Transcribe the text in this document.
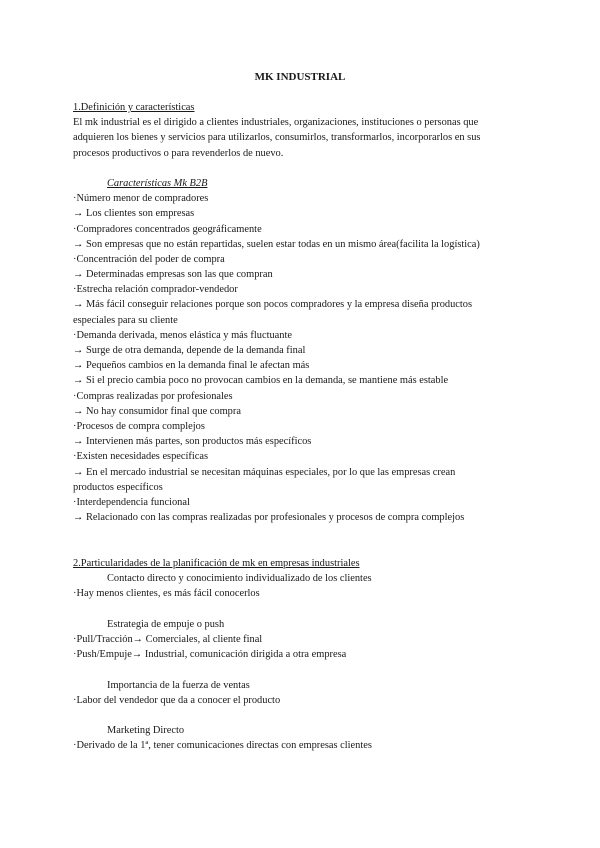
MK INDUSTRIAL
1.Definición y características
El mk industrial es el dirigido a clientes industriales, organizaciones, instituciones o personas que
adquieren los bienes y servicios para utilizarlos, consumirlos, transformarlos, incorporarlos en sus
procesos productivos o para revenderlos de nuevo.
Características Mk B2B
·Número menor de compradores
→ Los clientes son empresas
·Compradores concentrados geográficamente
→ Son empresas que no están repartidas, suelen estar todas en un mismo área(facilita la logística)
·Concentración del poder de compra
→ Determinadas empresas son las que compran
·Estrecha relación comprador-vendedor
→ Más fácil conseguir relaciones porque son pocos compradores y la empresa diseña productos
especiales para su cliente
·Demanda derivada, menos elástica y más fluctuante
→ Surge de otra demanda, depende de la demanda final
→ Pequeños cambios en la demanda final le afectan más
→ Si el precio cambia poco no provocan cambios en la demanda, se mantiene más estable
·Compras realizadas por profesionales
→ No hay consumidor final que compra
·Procesos de compra complejos
→ Intervienen más partes, son productos más específicos
·Existen necesidades específicas
→ En el mercado industrial se necesitan máquinas especiales, por lo que las empresas crean
productos específicos
·Interdependencia funcional
→ Relacionado con las compras realizadas por profesionales y procesos de compra complejos
2.Particularidades de la planificación de mk en empresas industriales
Contacto directo y conocimiento individualizado de los clientes
·Hay menos clientes, es más fácil conocerlos
Estrategia de empuje o push
·Pull/Tracción→ Comerciales, al cliente final
·Push/Empuje→ Industrial, comunicación dirigida a otra empresa
Importancia de la fuerza de ventas
·Labor del vendedor que da a conocer el producto
Marketing Directo
·Derivado de la 1ª, tener comunicaciones directas con empresas clientes
